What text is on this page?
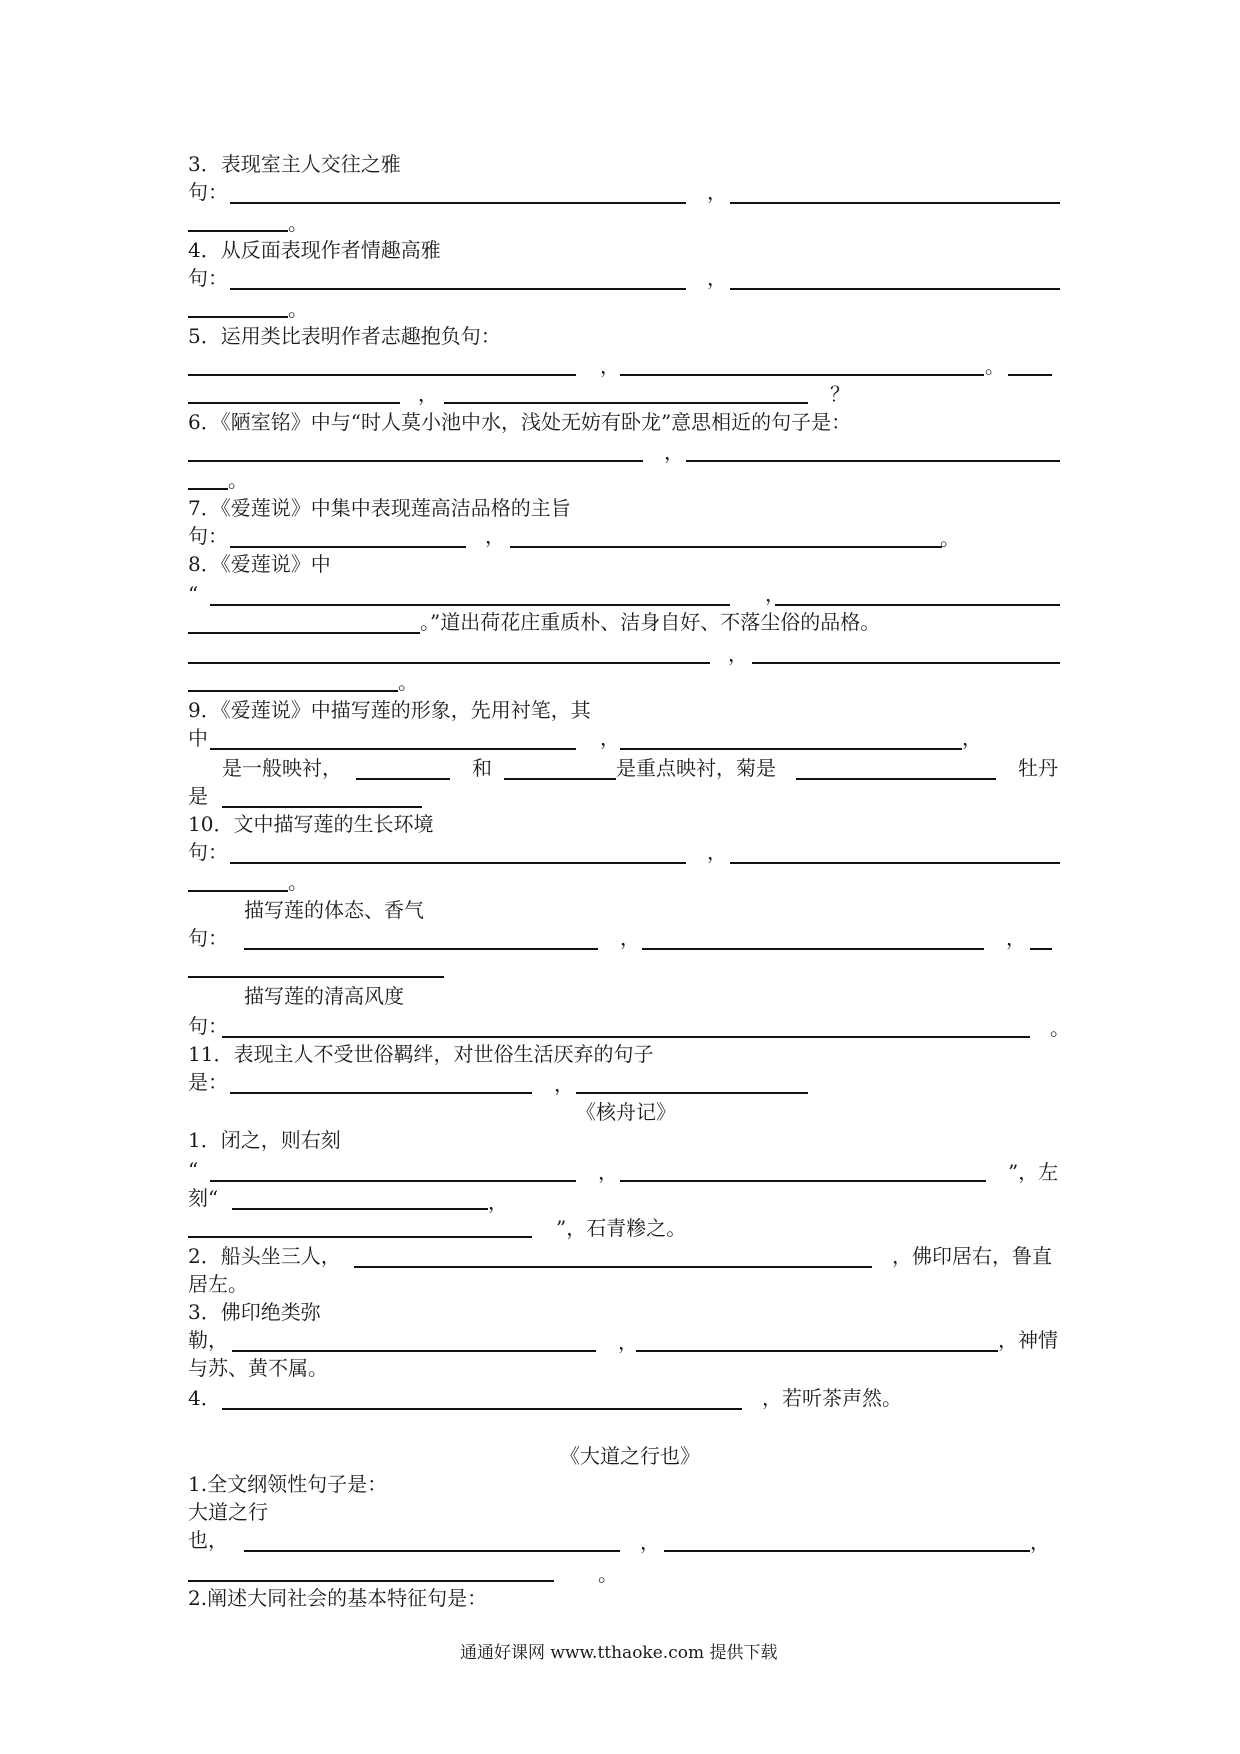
3．表现室主人交往之雅
句：	，
。
4．从反面表现作者情趣高雅
句：	，
。
5．运用类比表明作者志趣抱负句：
，	。
，	？
6．《陋室铭》中与“时人莫小池中水，浅处无妨有卧龙”意思相近的句子是：
，
。
7．《爱莲说》中集中表现莲高洁品格的主旨
句：	，	。
8．《爱莲说》中
“	，
。”道出荷花庄重质朴、洁身自好、不落尘俗的品格。
，
。
9．《爱莲说》中描写莲的形象，先用衬笔，其
中	，	，
是一般映衬，	和	是重点映衬，菊是	牡丹
是
10．文中描写莲的生长环境
句：	，
。
描写莲的体态、香气
句：	，	，
描写莲的清高风度
句：	。
11．表现主人不受世俗羁绊，对世俗生活厌弃的句子
是：	，
《核舟记》
1．闭之，则右刻
“	，	”，左
刻“	，
”，石青糁之。
2．船头坐三人，	，佛印居右，鲁直
居左。
3．佛印绝类弥
勒，	，	，神情
与苏、黄不属。
4．	，若听茶声然。
《大道之行也》
1.全文纲领性句子是：
大道之行
也，	，	，
。
2.阐述大同社会的基本特征句是：
通通好课网 www.tthaoke.com 提供下载
